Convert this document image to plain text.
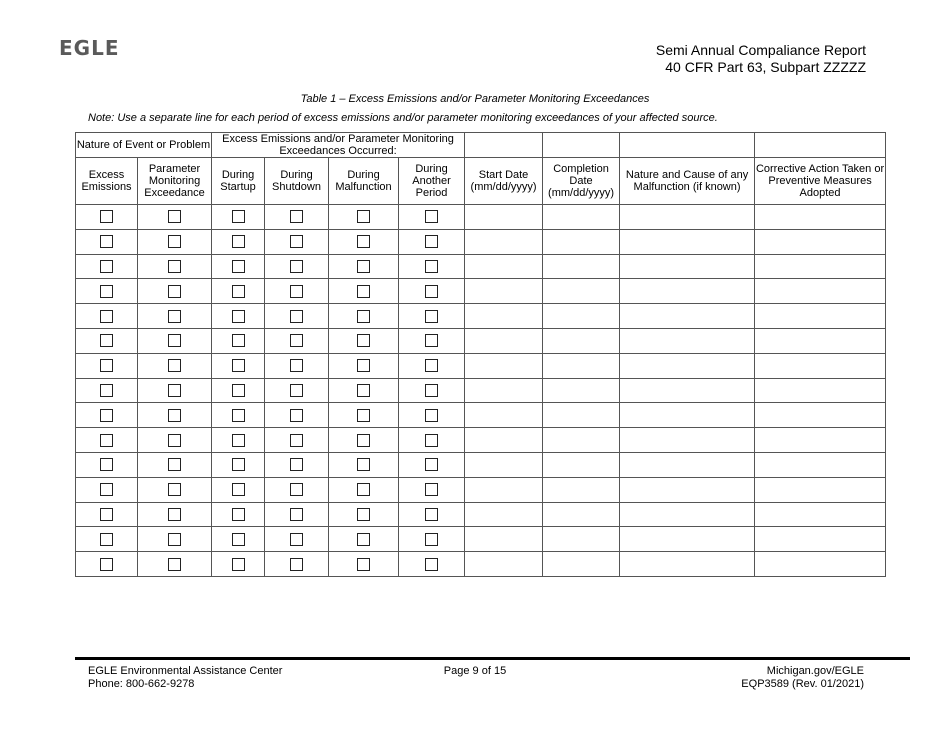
EGLE	Semi Annual Compaliance Report
40 CFR Part 63, Subpart ZZZZZ
Table 1 – Excess Emissions and/or Parameter Monitoring Exceedances
Note: Use a separate line for each period of excess emissions and/or parameter monitoring exceedances of your affected source.
Nature of Event or Problem		Excess Emissions and/or Parameter Monitoring Exceedances Occurred:							
Excess Emissions	Parameter Monitoring Exceedance	During Startup	During Shutdown	During Malfunction	During Another Period	Start Date (mm/dd/yyyy)	Completion Date (mm/dd/yyyy)	Nature and Cause of any Malfunction (if known)	Corrective Action Taken or Preventive Measures Adopted

EGLE Environmental Assistance Center
Phone: 800-662-9278
Page 9 of 15	Michigan.gov/EGLE
EQP3589 (Rev. 01/2021)
